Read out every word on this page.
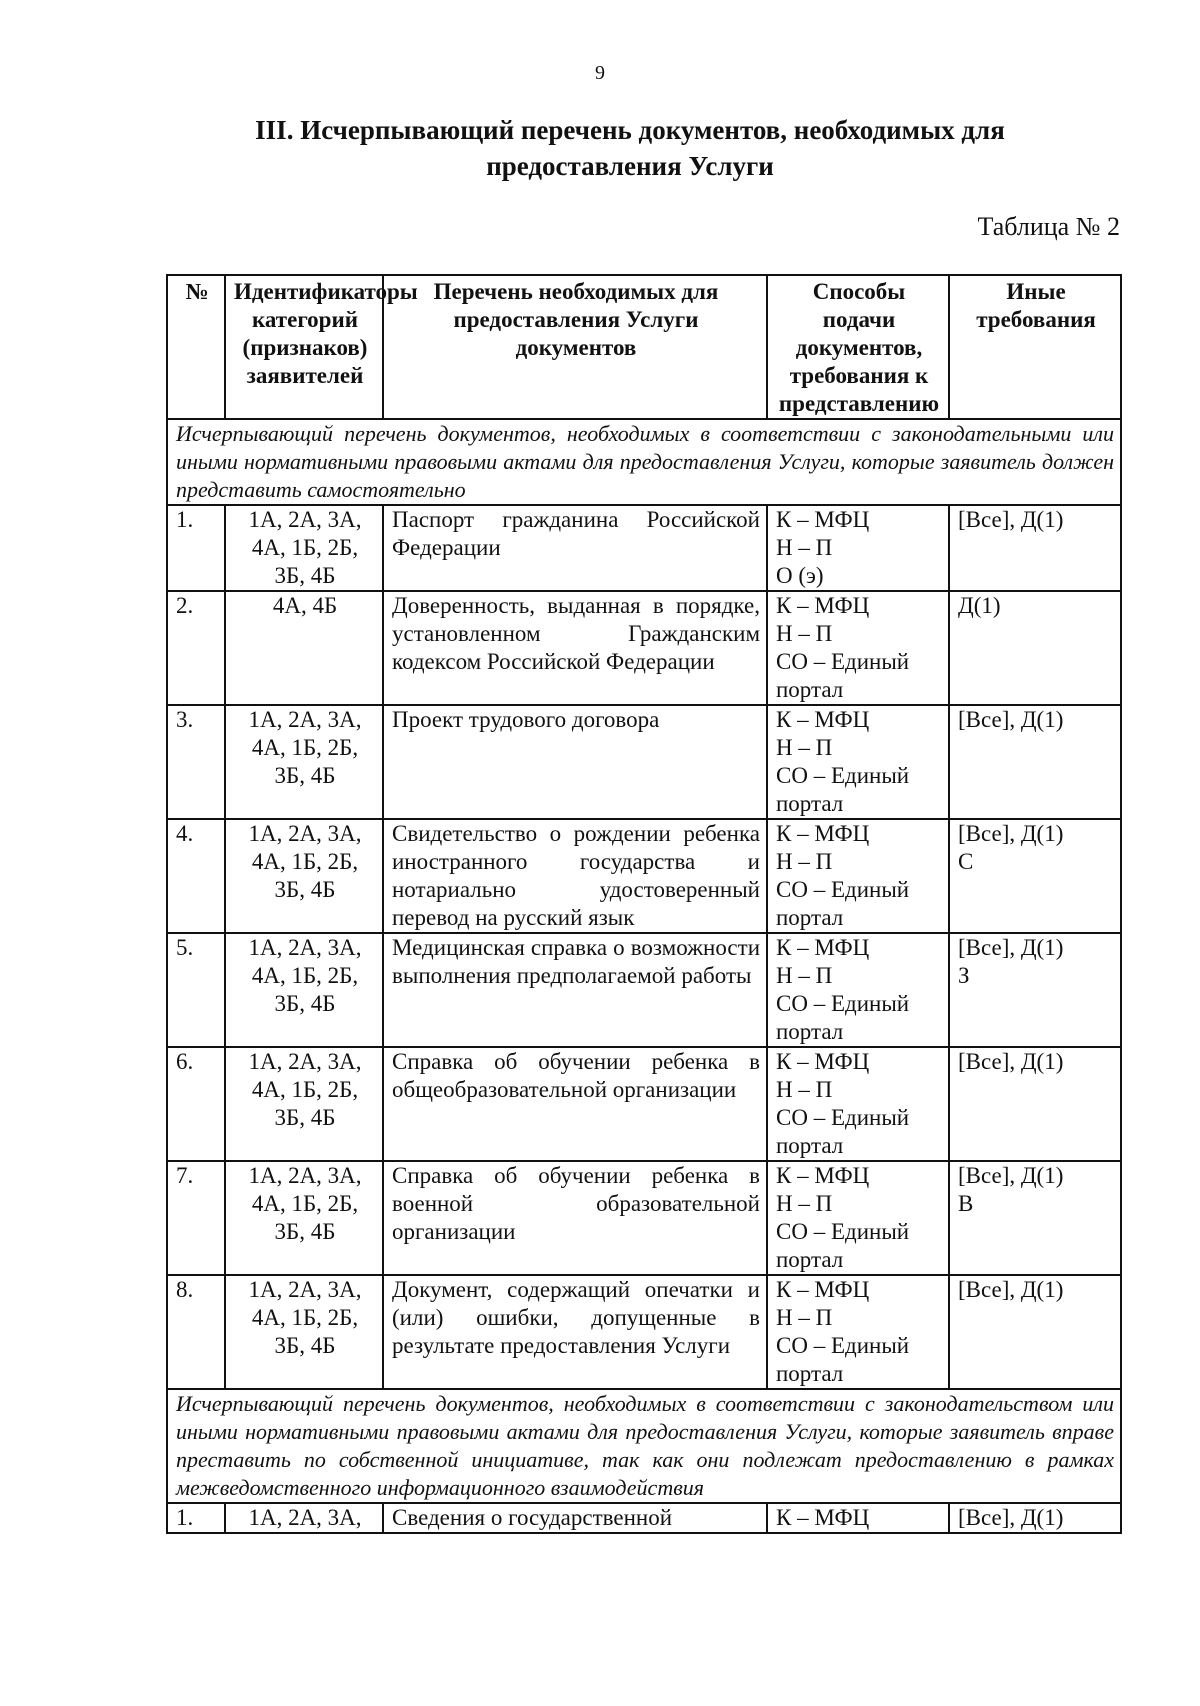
9
III. Исчерпывающий перечень документов, необходимых для
предоставления Услуги
Таблица № 2
№	Идентификаторы категорий (признаков) заявителей	Перечень необходимых для предоставления Услуги документов	Способы подачи документов, требования к представлению	Иные требования
Исчерпывающий перечень документов, необходимых в соответствии с законодательными или иными нормативными правовыми актами для предоставления Услуги, которые заявитель должен представить самостоятельно				
1.	1А, 2А, 3А, 4А, 1Б, 2Б, 3Б, 4Б	Паспорт гражданина Российской Федерации	К – МФЦ
Н – П
О (э)	[Все], Д(1)

2.	4А, 4Б	Доверенность, выданная в порядке, установленном Гражданским кодексом Российской Федерации	К – МФЦ
Н – П
СО – Единый портал	Д(1)

3.	1А, 2А, 3А, 4А, 1Б, 2Б, 3Б, 4Б	Проект трудового договора	К – МФЦ
Н – П
СО – Единый портал	[Все], Д(1)

4.	1А, 2А, 3А, 4А, 1Б, 2Б, 3Б, 4Б	Свидетельство о рождении ребенка иностранного государства и нотариально удостоверенный перевод на русский язык	К – МФЦ
Н – П
СО – Единый портал	[Все], Д(1)
С

5.	1А, 2А, 3А, 4А, 1Б, 2Б, 3Б, 4Б	Медицинская справка о возможности выполнения предполагаемой работы	К – МФЦ
Н – П
СО – Единый портал	[Все], Д(1)
З

6.	1А, 2А, 3А, 4А, 1Б, 2Б, 3Б, 4Б	Справка об обучении ребенка в общеобразовательной организации	К – МФЦ
Н – П
СО – Единый портал	[Все], Д(1)

7.	1А, 2А, 3А, 4А, 1Б, 2Б, 3Б, 4Б	Справка об обучении ребенка в военной образовательной организации	К – МФЦ
Н – П
СО – Единый портал	[Все], Д(1)
В

8.	1А, 2А, 3А, 4А, 1Б, 2Б, 3Б, 4Б	Документ, содержащий опечатки и (или) ошибки, допущенные в результате предоставления Услуги	К – МФЦ
Н – П
СО – Единый портал	[Все], Д(1)

Исчерпывающий перечень документов, необходимых в соответствии с законодательством или иными нормативными правовыми актами для предоставления Услуги, которые заявитель вправе преставить по собственной инициативе, так как они подлежат предоставлению в рамках межведомственного информационного взаимодействия				
1.	1А, 2А, 3А,	Сведения о государственной	К – МФЦ	[Все], Д(1)
